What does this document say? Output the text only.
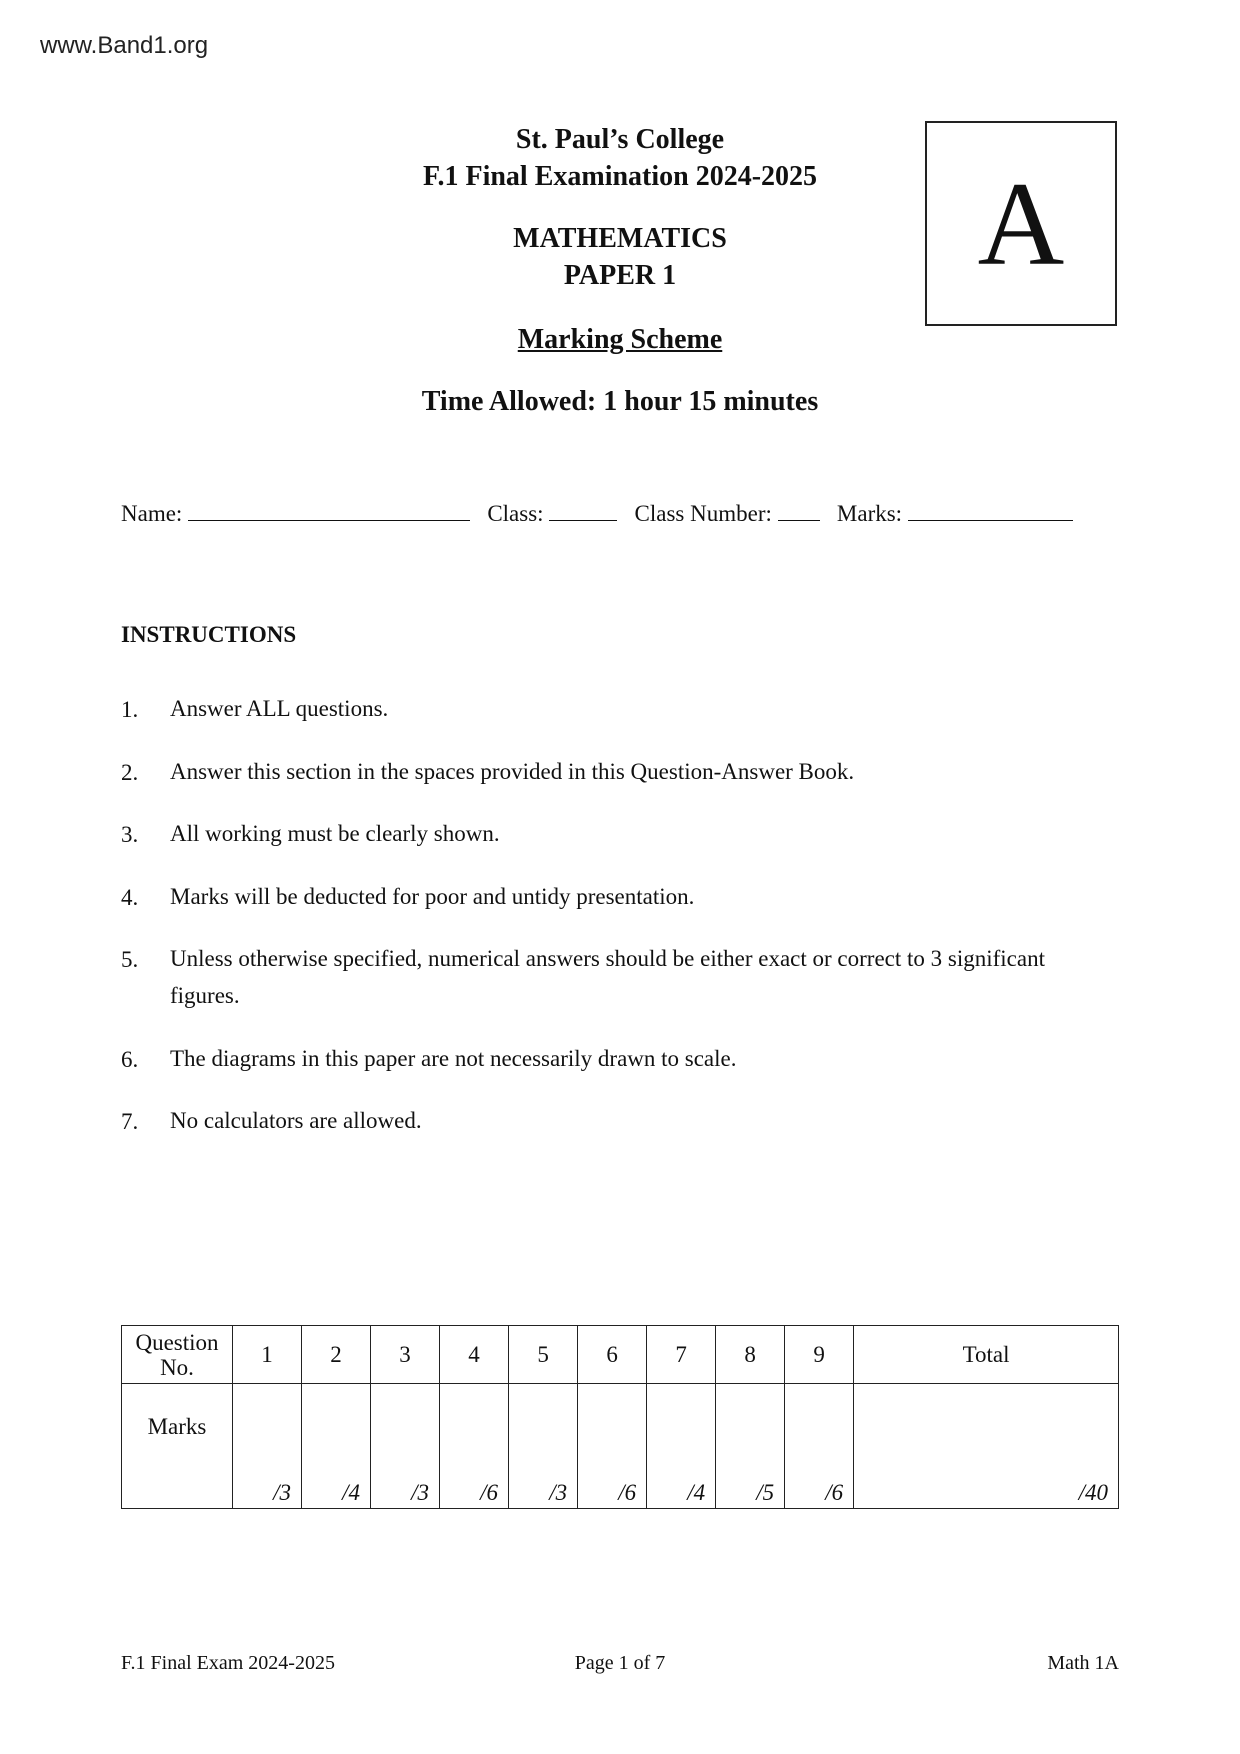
www.Band1.org
St. Paul’s College
F.1 Final Examination 2024-2025
MATHEMATICS
PAPER 1
Marking Scheme
Time Allowed: 1 hour 15 minutes
A
Name:	Class:	Class Number:	Marks:
INSTRUCTIONS
1. Answer ALL questions.
2. Answer this section in the spaces provided in this Question-Answer Book.
3. All working must be clearly shown.
4. Marks will be deducted for poor and untidy presentation.
5. Unless otherwise specified, numerical answers should be either exact or correct to 3 significant figures.
6. The diagrams in this paper are not necessarily drawn to scale.
7. No calculators are allowed.
Question No.	1	2	3	4	5	6	7	8	9	Total
Marks	/3	/4	/3	/6	/3	/6	/4	/5	/6	/40
F.1 Final Exam 2024-2025	Page 1 of 7	Math 1A
